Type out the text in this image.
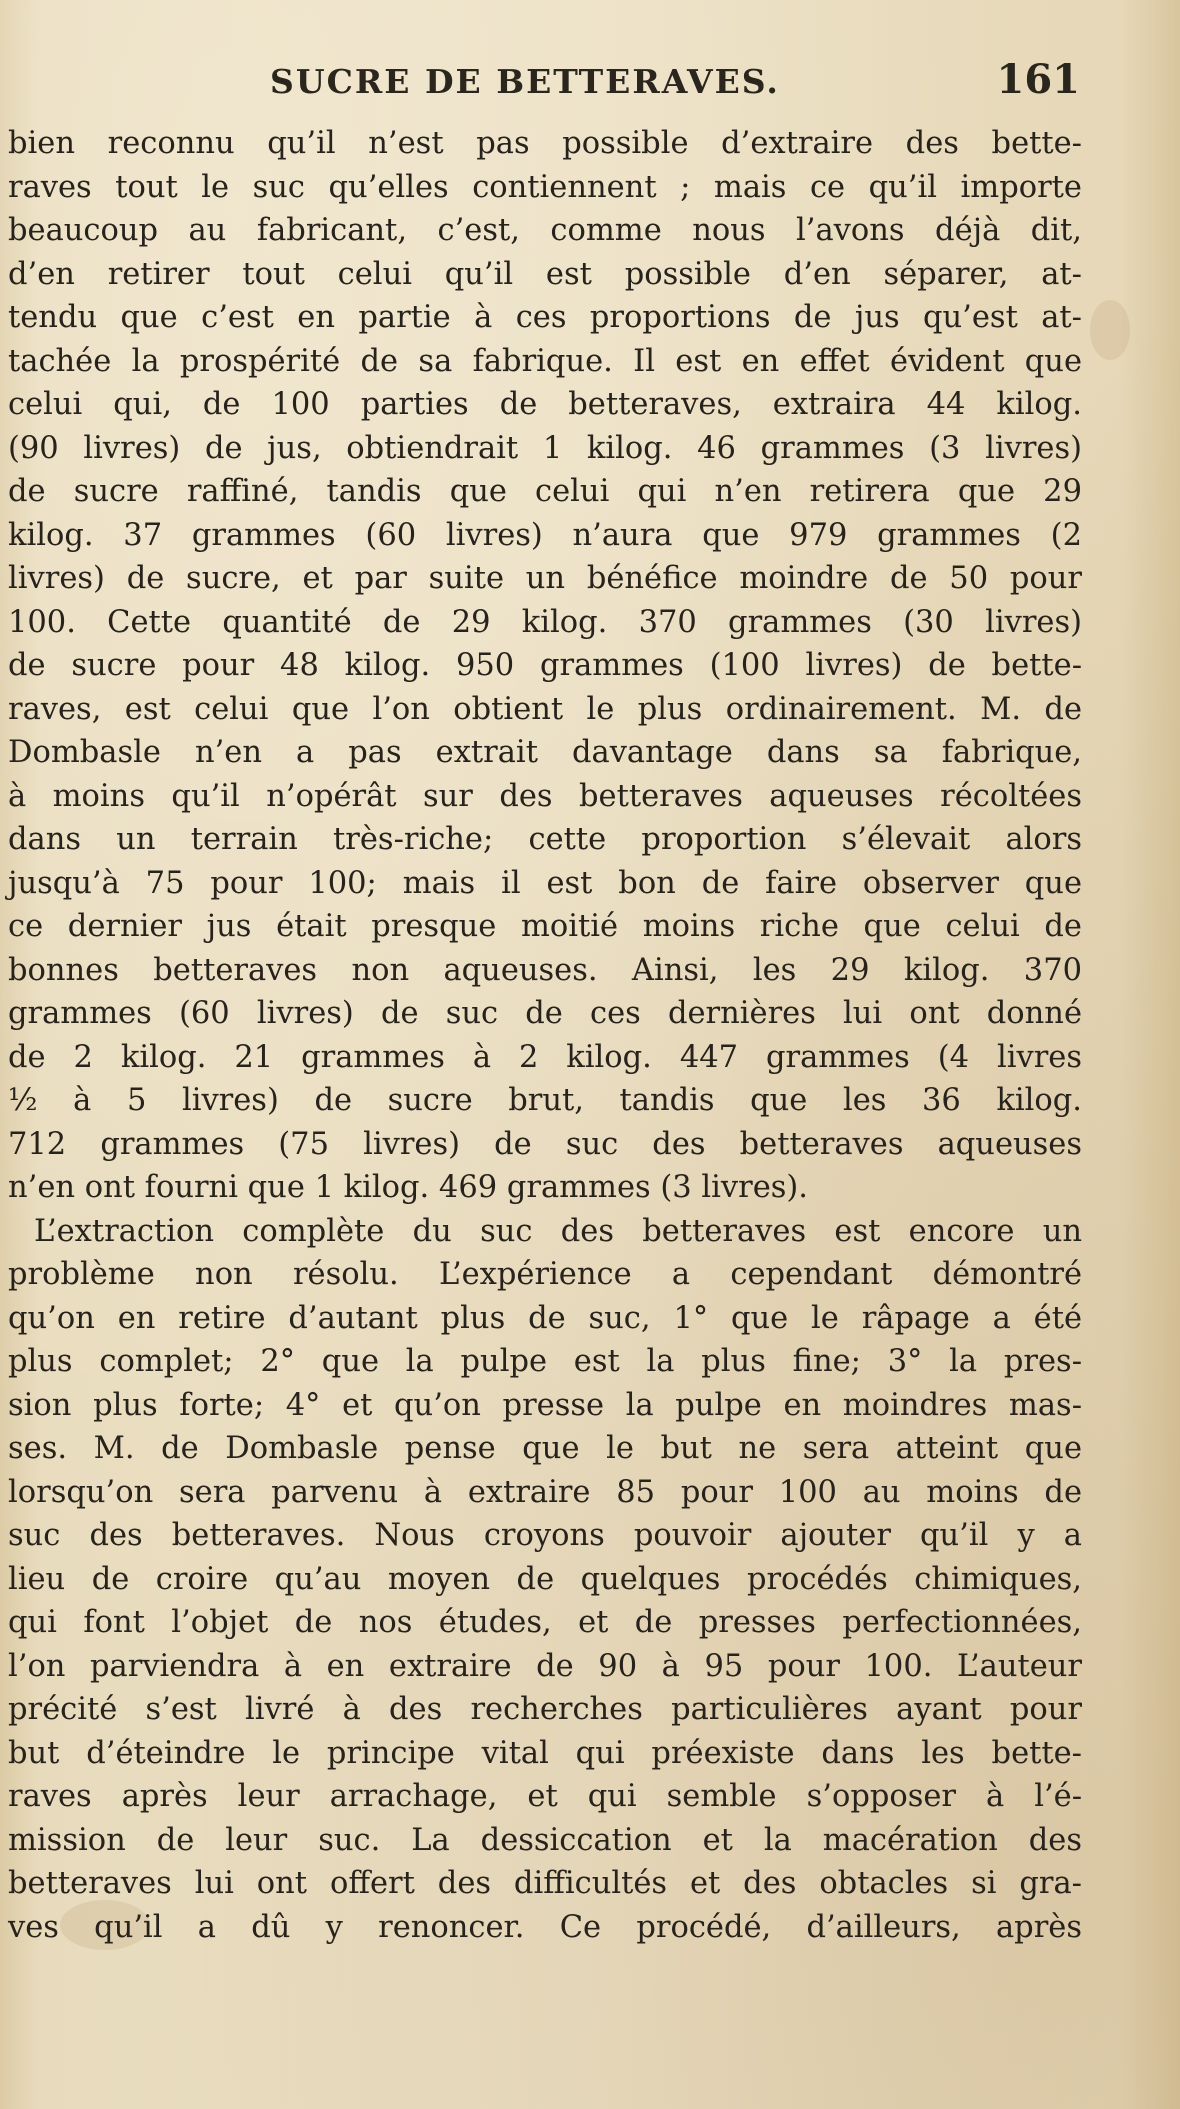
SUCRE DE BETTERAVES.	161
bien reconnu qu’il n’est pas possible d’extraire des bette-
raves tout le suc qu’elles contiennent ; mais ce qu’il importe
beaucoup au fabricant, c’est, comme nous l’avons déjà dit,
d’en retirer tout celui qu’il est possible d’en séparer, at-
tendu que c’est en partie à ces proportions de jus qu’est at-
tachée la prospérité de sa fabrique. Il est en effet évident que
celui qui, de 100 parties de betteraves, extraira 44 kilog.
(90 livres) de jus, obtiendrait 1 kilog. 46 grammes (3 livres)
de sucre raffiné, tandis que celui qui n’en retirera que 29
kilog. 37 grammes (60 livres) n’aura que 979 grammes (2
livres) de sucre, et par suite un bénéfice moindre de 50 pour
100. Cette quantité de 29 kilog. 370 grammes (30 livres)
de sucre pour 48 kilog. 950 grammes (100 livres) de bette-
raves, est celui que l’on obtient le plus ordinairement. M. de
Dombasle n’en a pas extrait davantage dans sa fabrique,
à moins qu’il n’opérât sur des betteraves aqueuses récoltées
dans un terrain très-riche; cette proportion s’élevait alors
jusqu’à 75 pour 100; mais il est bon de faire observer que
ce dernier jus était presque moitié moins riche que celui de
bonnes betteraves non aqueuses. Ainsi, les 29 kilog. 370
grammes (60 livres) de suc de ces dernières lui ont donné
de 2 kilog. 21 grammes à 2 kilog. 447 grammes (4 livres
½ à 5 livres) de sucre brut, tandis que les 36 kilog.
712 grammes (75 livres) de suc des betteraves aqueuses
n’en ont fourni que 1 kilog. 469 grammes (3 livres).
L’extraction complète du suc des betteraves est encore un
problème non résolu. L’expérience a cependant démontré
qu’on en retire d’autant plus de suc, 1° que le râpage a été
plus complet; 2° que la pulpe est la plus fine; 3° la pres-
sion plus forte; 4° et qu’on presse la pulpe en moindres mas-
ses. M. de Dombasle pense que le but ne sera atteint que
lorsqu’on sera parvenu à extraire 85 pour 100 au moins de
suc des betteraves. Nous croyons pouvoir ajouter qu’il y a
lieu de croire qu’au moyen de quelques procédés chimiques,
qui font l’objet de nos études, et de presses perfectionnées,
l’on parviendra à en extraire de 90 à 95 pour 100. L’auteur
précité s’est livré à des recherches particulières ayant pour
but d’éteindre le principe vital qui préexiste dans les bette-
raves après leur arrachage, et qui semble s’opposer à l’é-
mission de leur suc. La dessiccation et la macération des
betteraves lui ont offert des difficultés et des obtacles si gra-
ves qu’il a dû y renoncer. Ce procédé, d’ailleurs, après
